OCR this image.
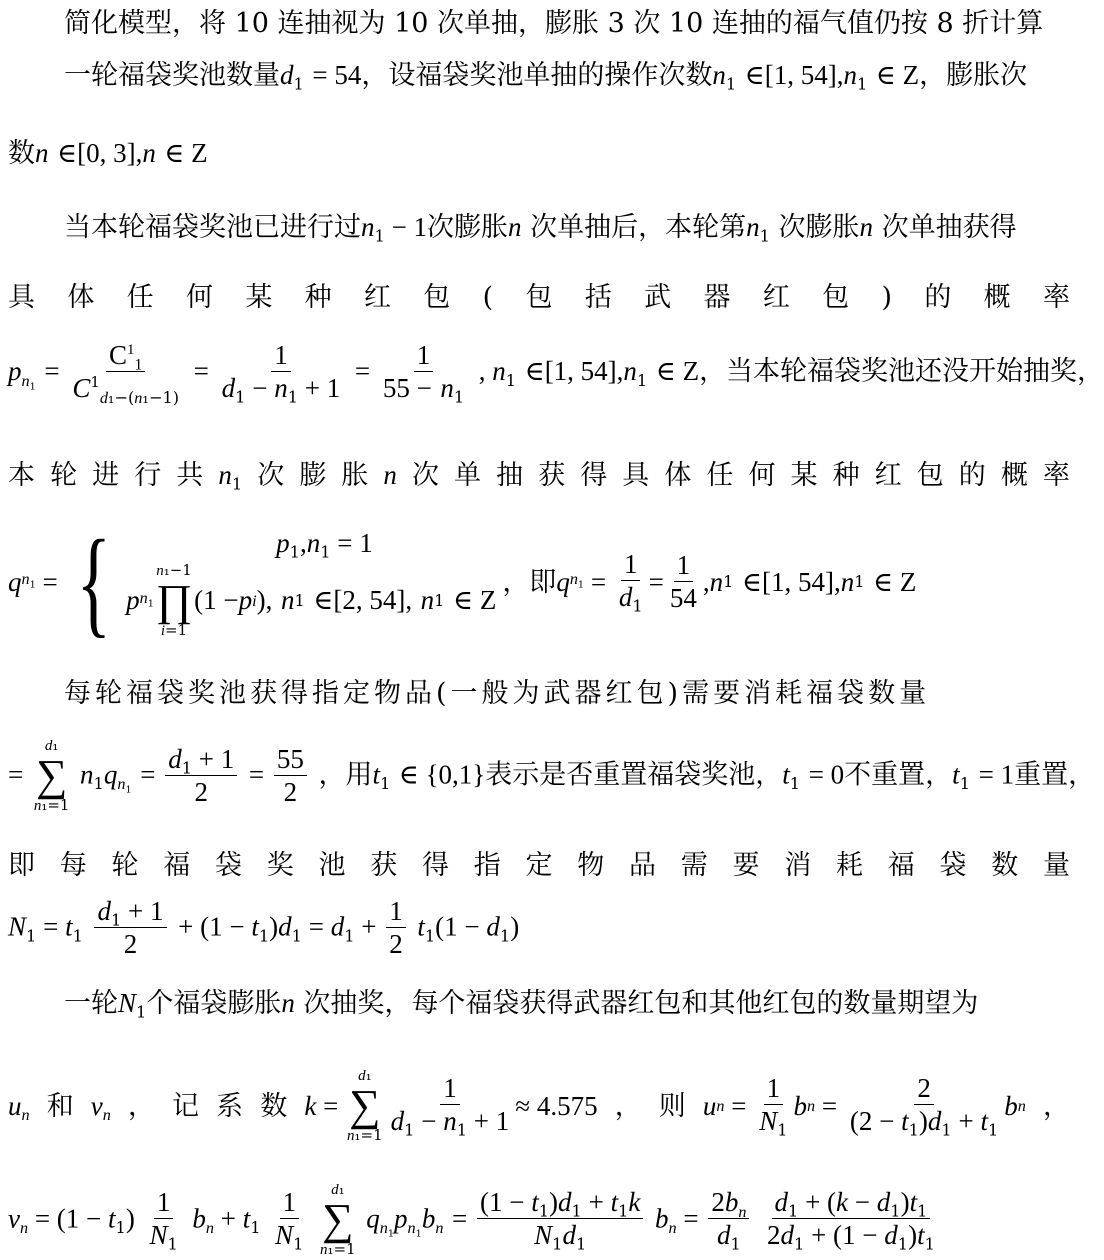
简化模型，将 10 连抽视为 10 次单抽，膨胀 3 次 10 连抽的福气值仍按 8 折计算
一轮福袋奖池数量$d_1 = 54$，设福袋奖池单抽的操作次数$n_1$ ∈[1, $54],n_1$ ∈ Z，膨胀次
数n ∈[0, 3],n ∈ Z
当本轮福袋奖池已进行过$n_1 - 1$次膨胀n 次单抽后，本轮第$n_1$ 次膨胀n 次单抽获得
具 体 任 何 某 种 红 包 ( 包 括 武 器 红 包 ) 的 概 率
$p_{n_1} = \frac{C^1_1}{C^1_{d_1-(n_1-1)}} = \frac{1}{d_1 - n_1 + 1} = \frac{1}{55 - n_1}$ , $n_1$ ∈[1, $54],n_1$ ∈ Z，当本轮福袋奖池还没开始抽奖，
本 轮 进 行 共 $n_1$ 次 膨 胀 n 次 单 抽 获 得 具 体 任 何 某 种 红 包 的 概 率
q $n_1$ = {	$p_1,n_1 = 1$
p $n_1$
n₁−1
∏
i=1
(1 − p i ),
n 1
∈[2, 54],
n 1
∈ Z
，即 q $n_1 = \frac{1}{d_1} = \frac{1}{54}$ , n 1
∈[1, 54], n 1
∈ Z
每轮福袋奖池获得指定物品(一般为武器红包)需要消耗福袋数量
=
d₁
∑
n₁=1
$n_1q_{n_1} = \frac{d_1 + 1}{2} = \frac{55}{2}$ ，用$t_1$ ∈ {0,1}表示是否重置福袋奖池，$t_1 = 0$不重置，$t_1 = 1$重置，
即 每 轮 福 袋 奖 池 获 得 指 定 物 品 需 要 消 耗 福 袋 数 量
$N_1 = t_1 \frac{d_1 + 1}{2} + (1 - t_1)d_1 = d_1 + \frac{1}{2} t_1(1 - d_1)$
一轮$N_1$个福袋膨胀n 次抽奖，每个福袋获得武器红包和其他红包的数量期望为
$u_n$ 和 $v_n$ ， 记 系 数 k =
d₁
∑
$n_1=1 \frac{1}{d_1 - n_1 + 1} \approx 4.575$ ， 则 u $n = \frac{1}{N_1}$ b $n = \frac{2}{(2 - t_1)d_1 + t_1}$ b n ，
$v_n = (1 - t_1) \frac{1}{N_1} b_n + t_1 \frac{1}{N_1}$
d₁
∑
n₁=1
$q_{n_1}p_{n_1}b_n = \frac{(1 - t_1)d_1 + t_1k}{N_1d_1} b_n = \frac{2b_n}{d_1}$
$\frac{d_1 + (k - d_1)t_1}{2d_1 + (1 - d_1)t_1}$
